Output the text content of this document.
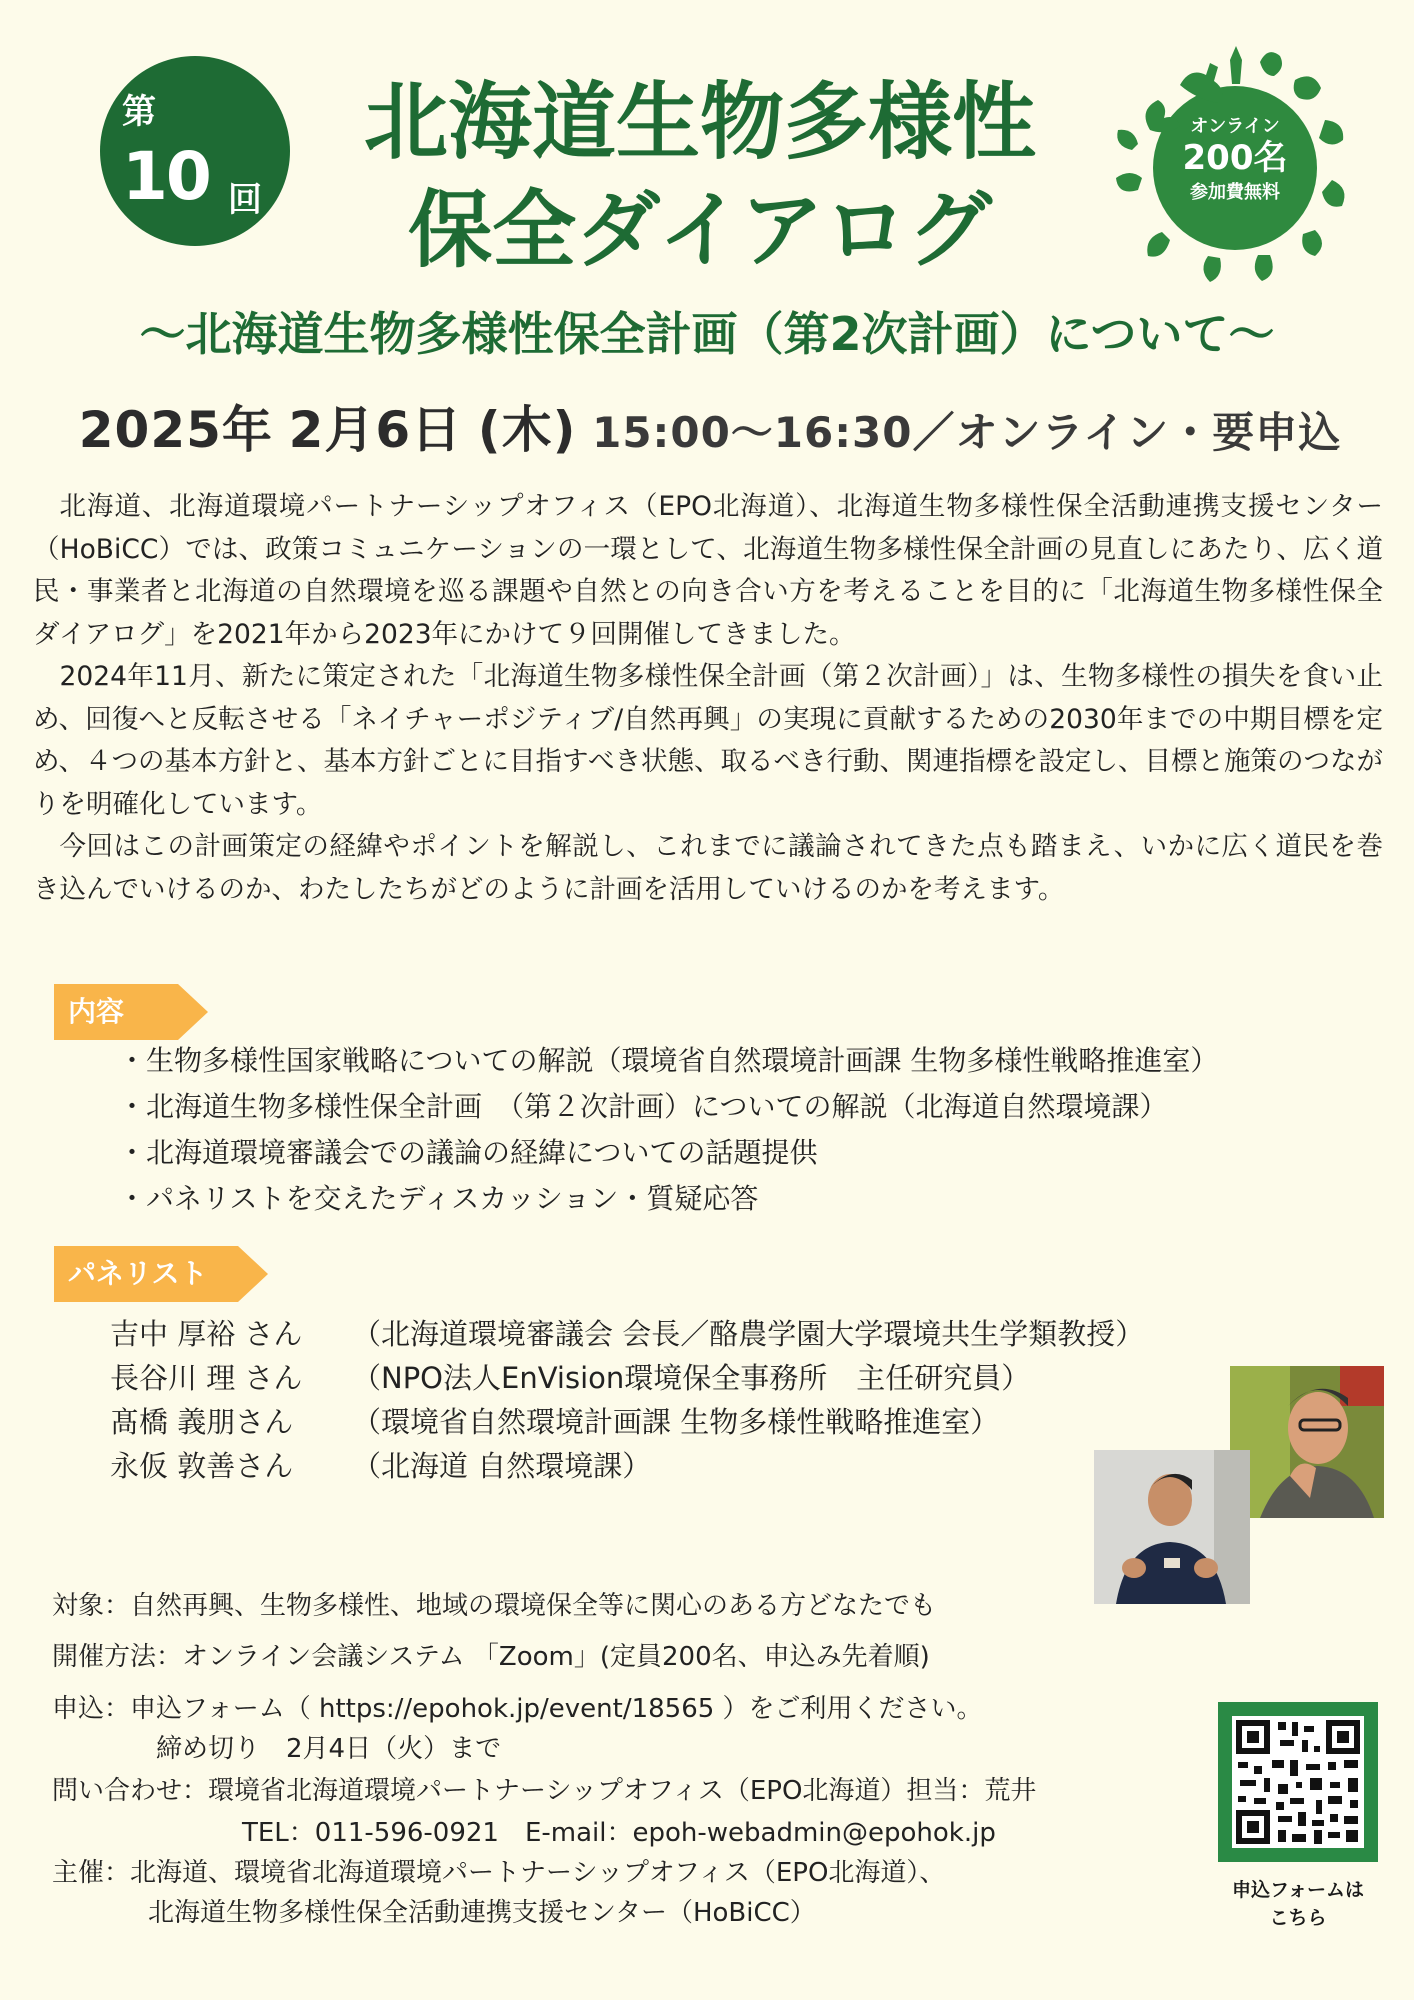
第
10 回
北海道生物多様性
保全ダイアログ
オンライン
200名
参加費無料
～北海道生物多様性保全計画（第2次計画）について～
2025年 2月6日 (木) 15:00～16:30／オンライン・要申込

北海道、北海道環境パートナーシップオフィス（EPO北海道）、北海道生物多様性保全活動連携支援センター（HoBiCC）では、政策コミュニケーションの一環として、北海道生物多様性保全計画の見直しにあたり、広く道民・事業者と北海道の自然環境を巡る課題や自然との向き合い方を考えることを目的に「北海道生物多様性保全ダイアログ」を2021年から2023年にかけて９回開催してきました。

2024年11月、新たに策定された「北海道生物多様性保全計画（第２次計画）」は、生物多様性の損失を食い止め、回復へと反転させる「ネイチャーポジティブ/自然再興」の実現に貢献するための2030年までの中期目標を定め、４つの基本方針と、基本方針ごとに目指すべき状態、取るべき行動、関連指標を設定し、目標と施策のつながりを明確化しています。

今回はこの計画策定の経緯やポイントを解説し、これまでに議論されてきた点も踏まえ、いかに広く道民を巻き込んでいけるのか、わたしたちがどのように計画を活用していけるのかを考えます。

内容
・生物多様性国家戦略についての解説（環境省自然環境計画課 生物多様性戦略推進室）
・北海道生物多様性保全計画　（第２次計画）についての解説（北海道自然環境課）
・北海道環境審議会での議論の経緯についての話題提供
・パネリストを交えたディスカッション・質疑応答
パネリスト
吉中 厚裕 さん （北海道環境審議会 会長／酪農学園大学環境共生学類教授）
長谷川 理 さん （NPO法人EnVision環境保全事務所　主任研究員）
髙橋 義朋さん （環境省自然環境計画課 生物多様性戦略推進室）
永仮 敦善さん （北海道 自然環境課）
対象：自然再興、生物多様性、地域の環境保全等に関心のある方どなたでも
開催方法：オンライン会議システム 「Zoom」(定員200名、申込み先着順)
申込：申込フォーム（ https://epohok.jp/event/18565 ）をご利用ください。
締め切り　2月4日（火）まで
問い合わせ：環境省北海道環境パートナーシップオフィス（EPO北海道）担当：荒井
TEL：011-596-0921　E-mail：epoh-webadmin@epohok.jp
主催：北海道、環境省北海道環境パートナーシップオフィス（EPO北海道）、
北海道生物多様性保全活動連携支援センター（HoBiCC）
申込フォームは
こちら
